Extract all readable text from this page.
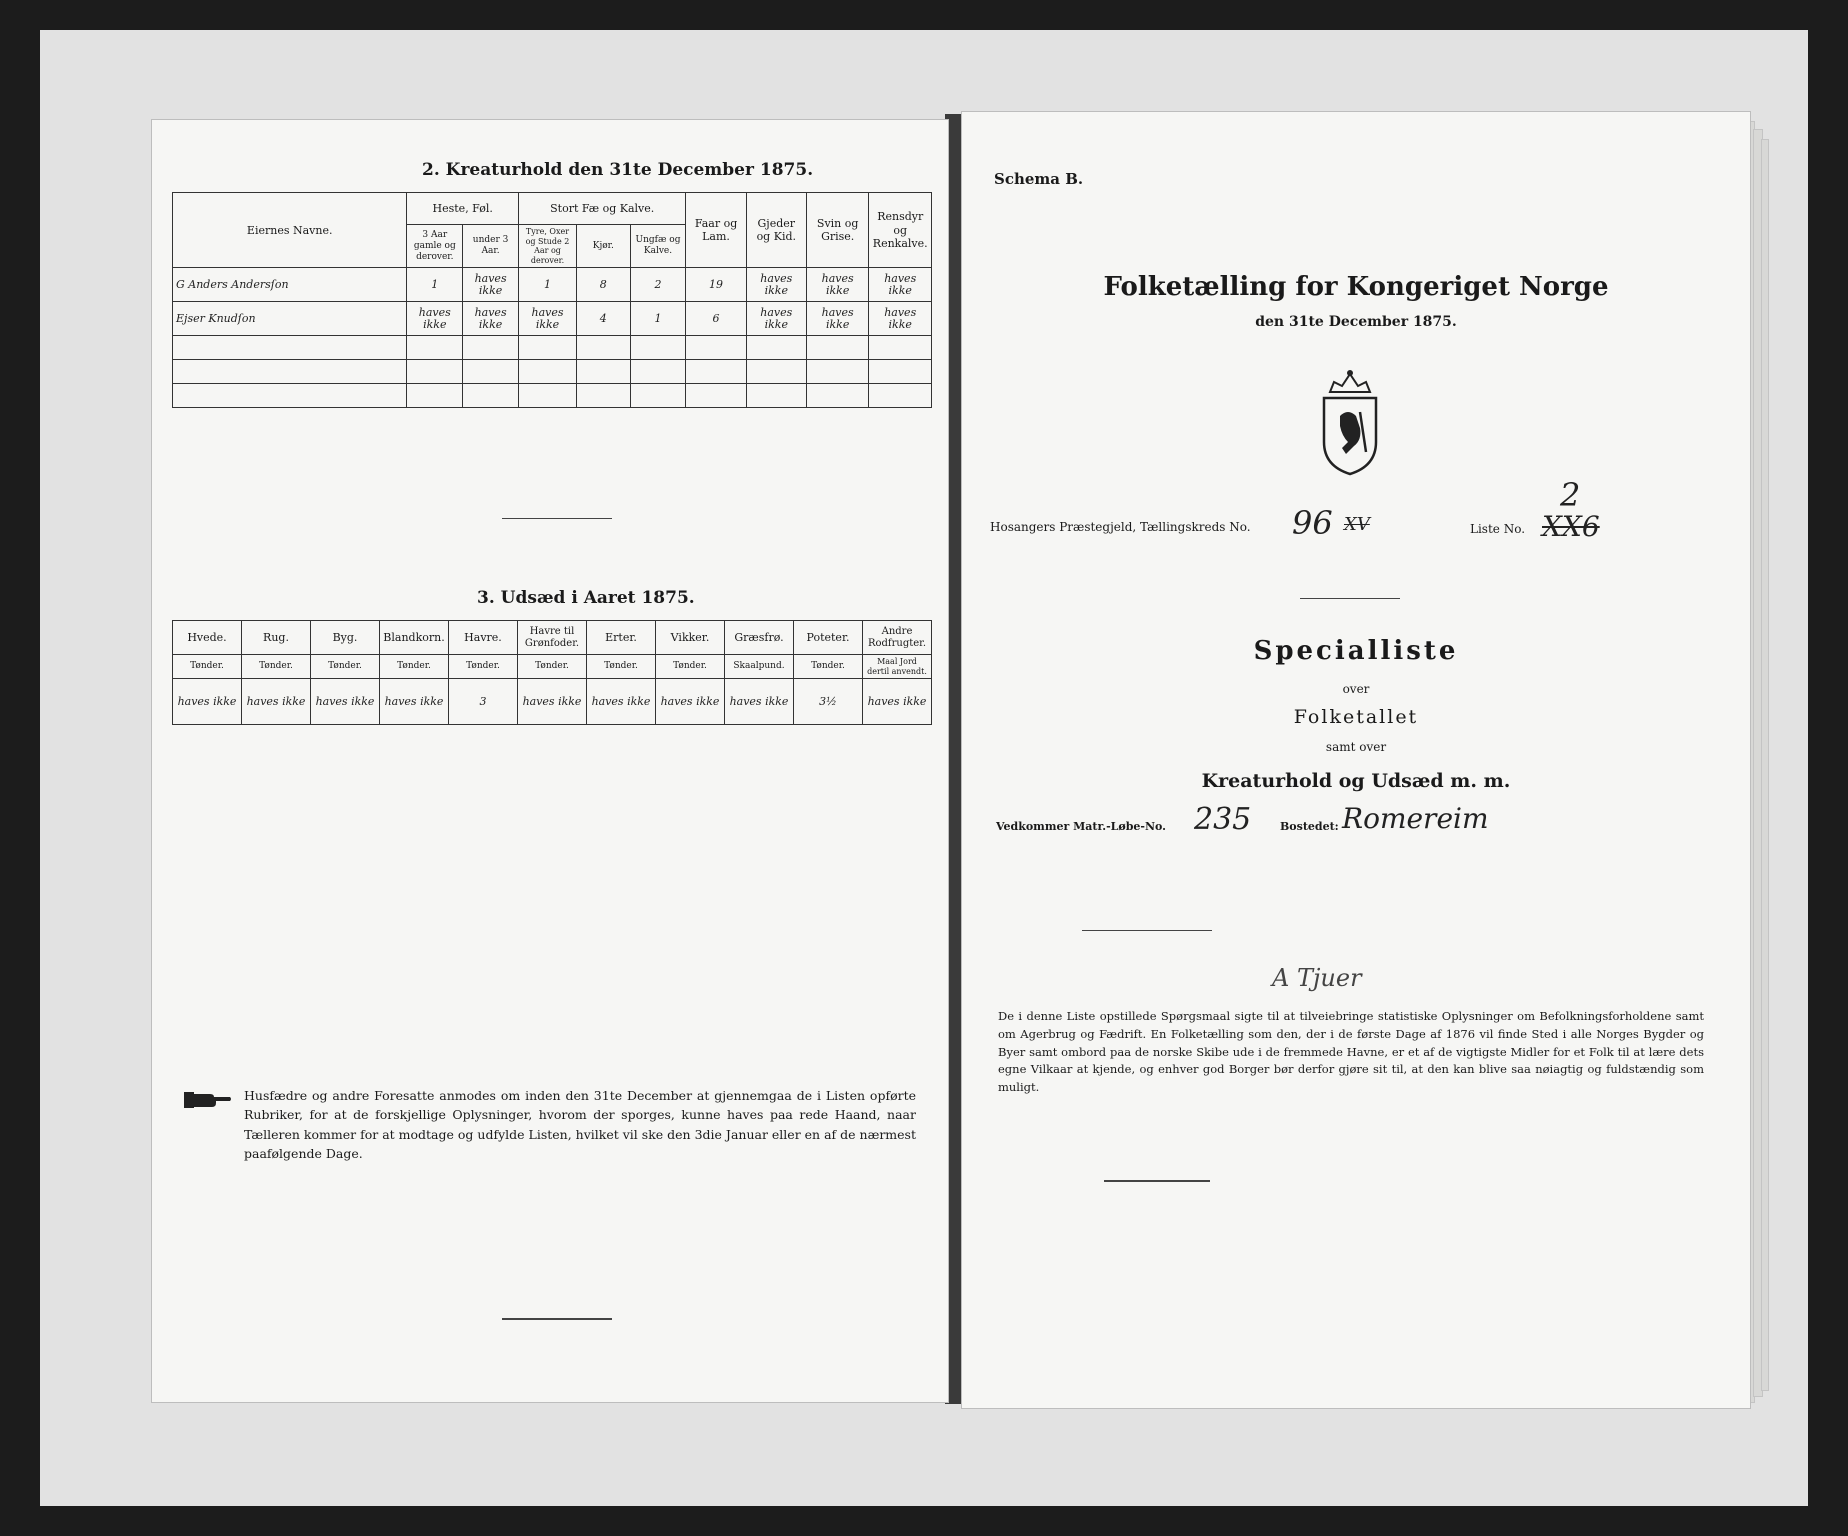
2. Kreaturhold den 31te December 1875.
Eiernes Navne.	Heste, Føl.		Stort Fæ og Kalve.			Faar og Lam.	Gjeder og Kid.	Svin og Grise.	Rensdyr og Renkalve.
	3 Aar gamle og derover.	under 3 Aar.	Tyre, Oxer og Stude 2 Aar og derover.	Kjør.	Ungfæ og Kalve.				
G Anders Andersſon	1	haves ikke	1	8	2	19	haves ikke	haves ikke	haves ikke
Ejser Knudſon	haves ikke	haves ikke	haves ikke	4	1	6	haves ikke	haves ikke	haves ikke

3. Udsæd i Aaret 1875.
Hvede.	Rug.	Byg.	Blandkorn.	Havre.	Havre til Grønfoder.	Erter.	Vikker.	Græsfrø.	Poteter.	Andre Rodfrugter.
Tønder.	Tønder.	Tønder.	Tønder.	Tønder.	Tønder.	Tønder.	Tønder.	Skaalpund.	Tønder.	Maal Jord dertil anvendt.
haves ikke	haves ikke	haves ikke	haves ikke	3	haves ikke	haves ikke	haves ikke	haves ikke	3½	haves ikke
Husfædre og andre Foresatte anmodes om inden den 31te December at gjennemgaa de i Listen opførte Rubriker, for at de forskjellige Oplysninger, hvorom der sporges, kunne haves paa rede Haand, naar Tælleren kommer for at modtage og udfylde Listen, hvilket vil ske den 3die Januar eller en af de nærmest paafølgende Dage.
Schema B.
Folketælling for Kongeriget Norge
den 31te December 1875.
Hosangers Præstegjeld, Tællingskreds No. 96 XV	Liste No.
2
XX6
Specialliste
over
Folketallet
samt over
Kreaturhold og Udsæd m. m.
Vedkommer Matr.-Løbe-No. 235	Bostedet: Romereim
A Tjuer
De i denne Liste opstillede Spørgsmaal sigte til at tilveiebringe statistiske Oplysninger om Befolkningsforholdene samt om Agerbrug og Fædrift. En Folketælling som den, der i de første Dage af 1876 vil finde Sted i alle Norges Bygder og Byer samt ombord paa de norske Skibe ude i de fremmede Havne, er et af de vigtigste Midler for et Folk til at lære dets egne Vilkaar at kjende, og enhver god Borger bør derfor gjøre sit til, at den kan blive saa nøiagtig og fuldstændig som muligt.
